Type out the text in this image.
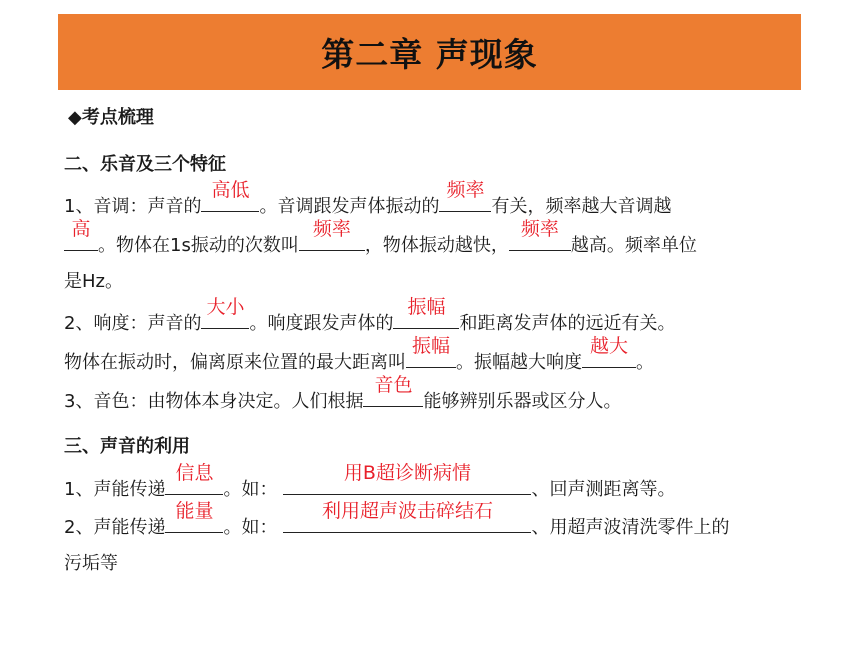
第二章 声现象
◆考点梳理
二、乐音及三个特征
1、音调：声音的
高低
。音调跟发声体振动的
频率
有关，频率越大音调越
高
。物体在1s振动的次数叫
频率
，物体振动越快，
频率
越高。频率单位
是Hz。
2、响度：声音的
大小
。响度跟发声体的
振幅
和距离发声体的远近有关。
物体在振动时，偏离原来位置的最大距离叫
振幅
。振幅越大响度
越大
。
3、音色：由物体本身决定。人们根据
音色
能够辨别乐器或区分人。
三、声音的利用
1、声能传递
信息
。如：
用B超诊断病情
、回声测距离等。
2、声能传递
能量
。如：
利用超声波击碎结石
、用超声波清洗零件上的
污垢等
